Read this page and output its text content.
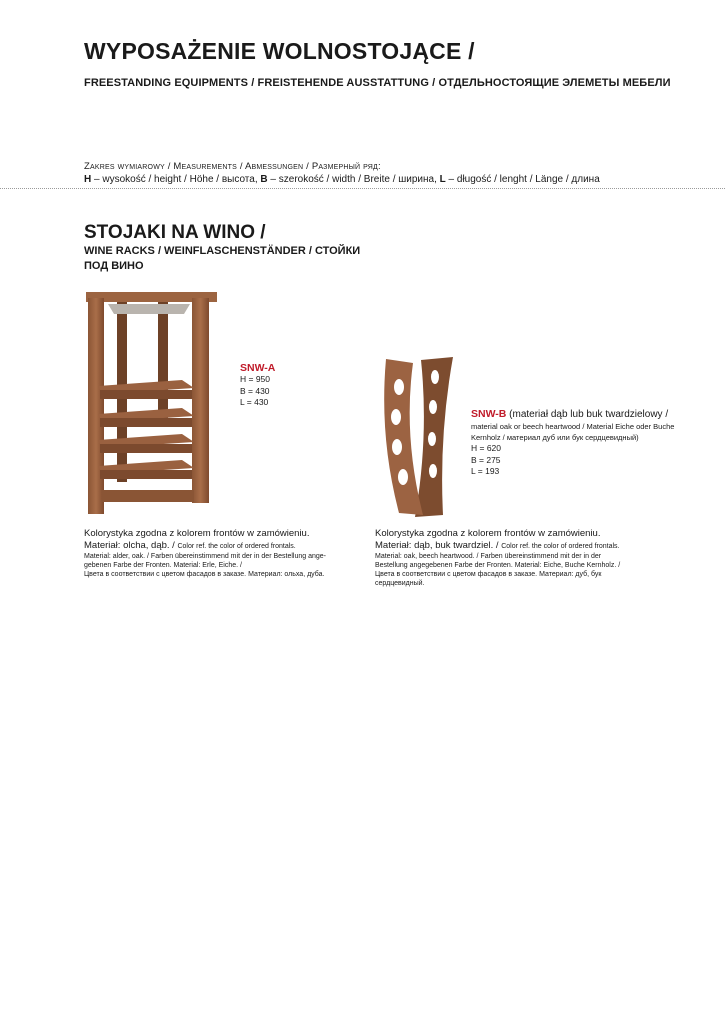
WYPOSAŻENIE WOLNOSTOJĄCE /
FREESTANDING EQUIPMENTS / FREISTEHENDE AUSSTATTUNG / ОТДЕЛЬНОСТОЯЩИЕ ЭЛЕМЕТЫ МЕБЕЛИ
Zakres wymiarowy / Measurements / Abmessungen / Размерный ряд:
H – wysokość / height / Höhe / высота, B – szerokość / width / Breite / ширина, L – długość / lenght / Länge / длина
STOJAKI NA WINO /
WINE RACKS / WEINFLASCHENSTÄNDER / СТОЙКИ ПОД ВИНО
SNW-A
H = 950
B = 430
L = 430
SNW-B (materiał dąb lub buk twardzielowy /
material oak or beech heartwood / Material Eiche oder Buche Kernholz / материал дуб или бук сердцевидный)
H = 620
B = 275
L = 193
Kolorystyka zgodna z kolorem frontów w zamówieniu.
Materiał: olcha, dąb. / Color ref. the color of ordered frontals.
Material: alder, oak. / Farben übereinstimmend mit der in der Bestellung ange-gebenen Farbe der Fronten. Material: Erle, Eiche. /
Цвета в соответствии с цветом фасадов в заказе. Материал: ольха, дуба.
Kolorystyka zgodna z kolorem frontów w zamówieniu.
Materiał: dąb, buk twardziel. / Color ref. the color of ordered frontals.
Material: oak, beech heartwood. / Farben übereinstimmend mit der in der Bestellung angegebenen Farbe der Fronten. Material: Eiche, Buche Kernholz. /
Цвета в соответствии с цветом фасадов в заказе. Материал: дуб, бук сердцевидный.
